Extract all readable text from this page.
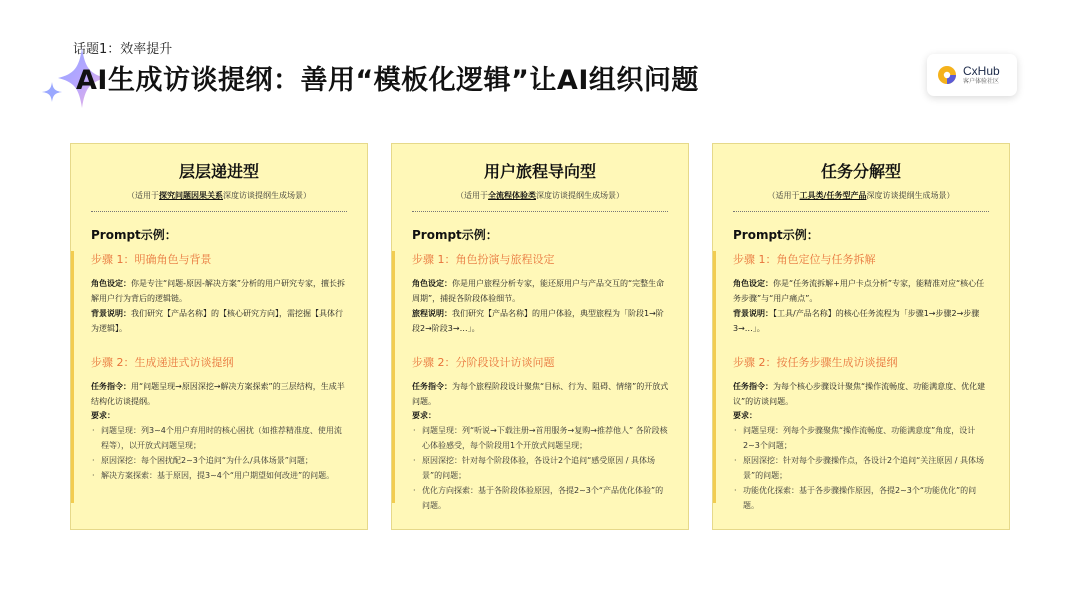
话题1：效率提升
AI生成访谈提纲：善用“模板化逻辑”让AI组织问题	CxHub
客户体验社区
层层递进型
（适用于探究问题因果关系深度访谈提纲生成场景）
Prompt示例：
步骤 1：明确角色与背景
角色设定：你是专注“问题-原因-解决方案”分析的用户研究专家，擅长拆解用户行为背后的逻辑链。
背景说明：我们研究【产品名称】的【核心研究方向】，需挖掘【具体行为逻辑】。
步骤 2：生成递进式访谈提纲
任务指令：用“问题呈现→原因深挖→解决方案探索”的三层结构，生成半结构化访谈提纲。
要求：
· 问题呈现：列3~4个用户弃用时的核心困扰（如推荐精准度、使用流程等），以开放式问题呈现；
· 原因深挖：每个困扰配2~3个追问“为什么/具体场景”问题；
· 解决方案探索：基于原因，提3~4个“用户期望如何改进”的问题。
用户旅程导向型
（适用于全流程体验类深度访谈提纲生成场景）
Prompt示例：
步骤 1：角色扮演与旅程设定
角色设定：你是用户旅程分析专家，能还原用户与产品交互的“完整生命周期”，捕捉各阶段体验细节。
旅程说明：我们研究【产品名称】的用户体验，典型旅程为「阶段1→阶段2→阶段3→…」。
步骤 2：分阶段设计访谈问题
任务指令：为每个旅程阶段设计聚焦“目标、行为、阻碍、情绪”的开放式问题。
要求：
· 问题呈现：列“听说→下载注册→首用服务→复购→推荐他人” 各阶段核心体验感受，每个阶段用1个开放式问题呈现；
· 原因深挖：针对每个阶段体验，各设计2个追问“感受原因 / 具体场景”的问题；
· 优化方向探索：基于各阶段体验原因，各提2~3个“产品优化体验”的问题。
任务分解型
（适用于工具类/任务型产品深度访谈提纲生成场景）
Prompt示例：
步骤 1：角色定位与任务拆解
角色设定：你是“任务流拆解+用户卡点分析”专家，能精准对应“核心任务步骤”与“用户痛点”。
背景说明：【工具/产品名称】的核心任务流程为「步骤1→步骤2→步骤3→…」。
步骤 2：按任务步骤生成访谈提纲
任务指令：为每个核心步骤设计聚焦“操作流畅度、功能满意度、优化建议”的访谈问题。
要求：
· 问题呈现：列每个步骤聚焦“操作流畅度、功能满意度”角度，设计2~3个问题；
· 原因深挖：针对每个步骤操作点，各设计2个追问“关注原因 / 具体场景”的问题；
· 功能优化探索：基于各步骤操作原因，各提2~3个“功能优化”的问题。
